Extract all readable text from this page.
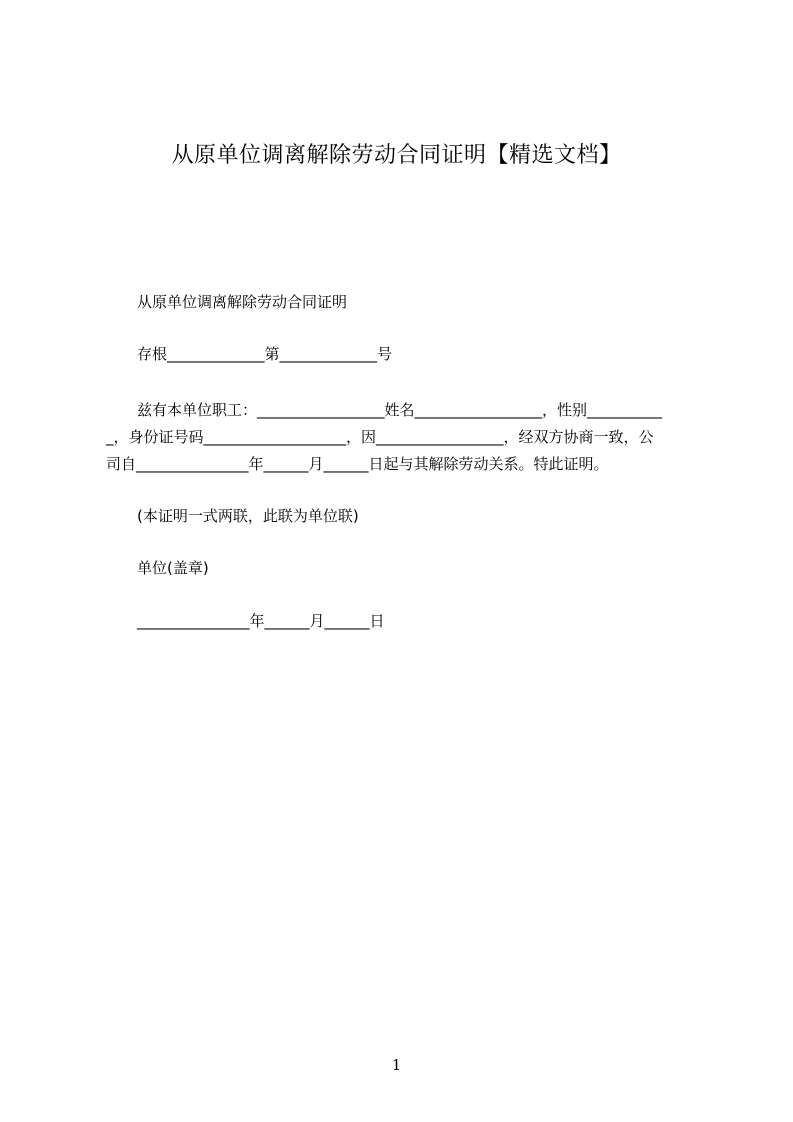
从原单位调离解除劳动合同证明【精选文档】
从原单位调离解除劳动合同证明
存根_____________第_____________号
兹有本单位职工：_________________姓名_________________，性别__________
_，身份证号码___________________，因_________________，经双方协商一致，公
司自_______________年______月______日起与其解除劳动关系。特此证明。
(本证明一式两联，此联为单位联)
单位(盖章)
_______________年______月______日
1
